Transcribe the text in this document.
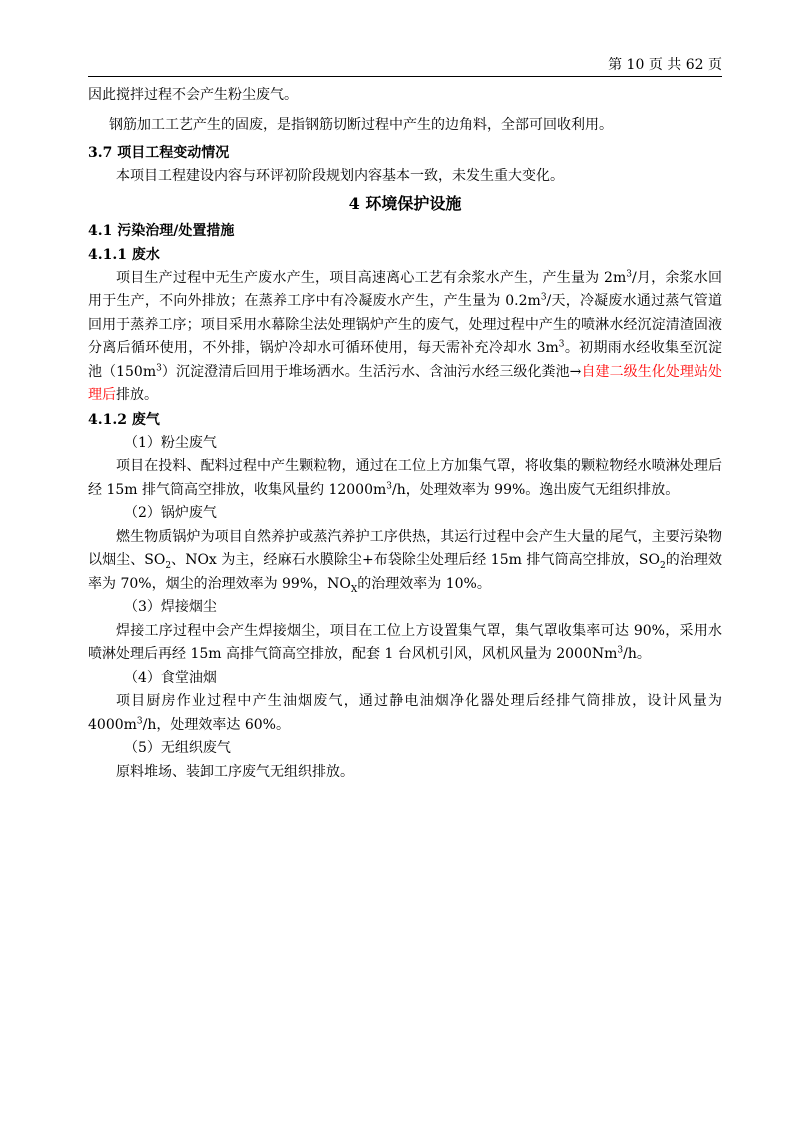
第 10 页 共 62 页
因此搅拌过程不会产生粉尘废气。
钢筋加工工艺产生的固废，是指钢筋切断过程中产生的边角料，全部可回收利用。
3.7 项目工程变动情况
本项目工程建设内容与环评初阶段规划内容基本一致，未发生重大变化。
4 环境保护设施
4.1 污染治理/处置措施
4.1.1 废水
项目生产过程中无生产废水产生，项目高速离心工艺有余浆水产生，产生量为 $2m^3/$月，余浆水回用于生产，不向外排放；在蒸养工序中有冷凝废水产生，产生量为 $0.2m^3/$天，冷凝废水通过蒸气管道回用于蒸养工序；项目采用水幕除尘法处理锅炉产生的废气，处理过程中产生的喷淋水经沉淀清渣固液分离后循环使用，不外排，锅炉冷却水可循环使用，每天需补充冷却水 $3m^3$。初期雨水经收集至沉淀池$(150m^3)$沉淀澄清后回用于堆场洒水。生活污水、含油污水经三级化粪池→自建二级生化处理站处理后排放。
4.1.2 废气
（1）粉尘废气
项目在投料、配料过程中产生颗粒物，通过在工位上方加集气罩，将收集的颗粒物经水喷淋处理后经 15m 排气筒高空排放，收集风量约 $12000m^3/h$，处理效率为 99%。逸出废气无组织排放。
（2）锅炉废气
燃生物质锅炉为项目自然养护或蒸汽养护工序供热，其运行过程中会产生大量的尾气，主要污染物以烟尘、$SO_2$、NOx 为主，经麻石水膜除尘+布袋除尘处理后经 15m 排气筒高空排放，$SO_2$的治理效率为 70%，烟尘的治理效率为 99%，$NO_X$的治理效率为 10%。
（3）焊接烟尘
焊接工序过程中会产生焊接烟尘，项目在工位上方设置集气罩，集气罩收集率可达 90%，采用水喷淋处理后再经 15m 高排气筒高空排放，配套 1 台风机引风，风机风量为 2000Nm$^3$/h。
（4）食堂油烟
项目厨房作业过程中产生油烟废气，通过静电油烟净化器处理后经排气筒排放，设计风量为 $4000m^3/h$，处理效率达 60%。
（5）无组织废气
原料堆场、装卸工序废气无组织排放。
